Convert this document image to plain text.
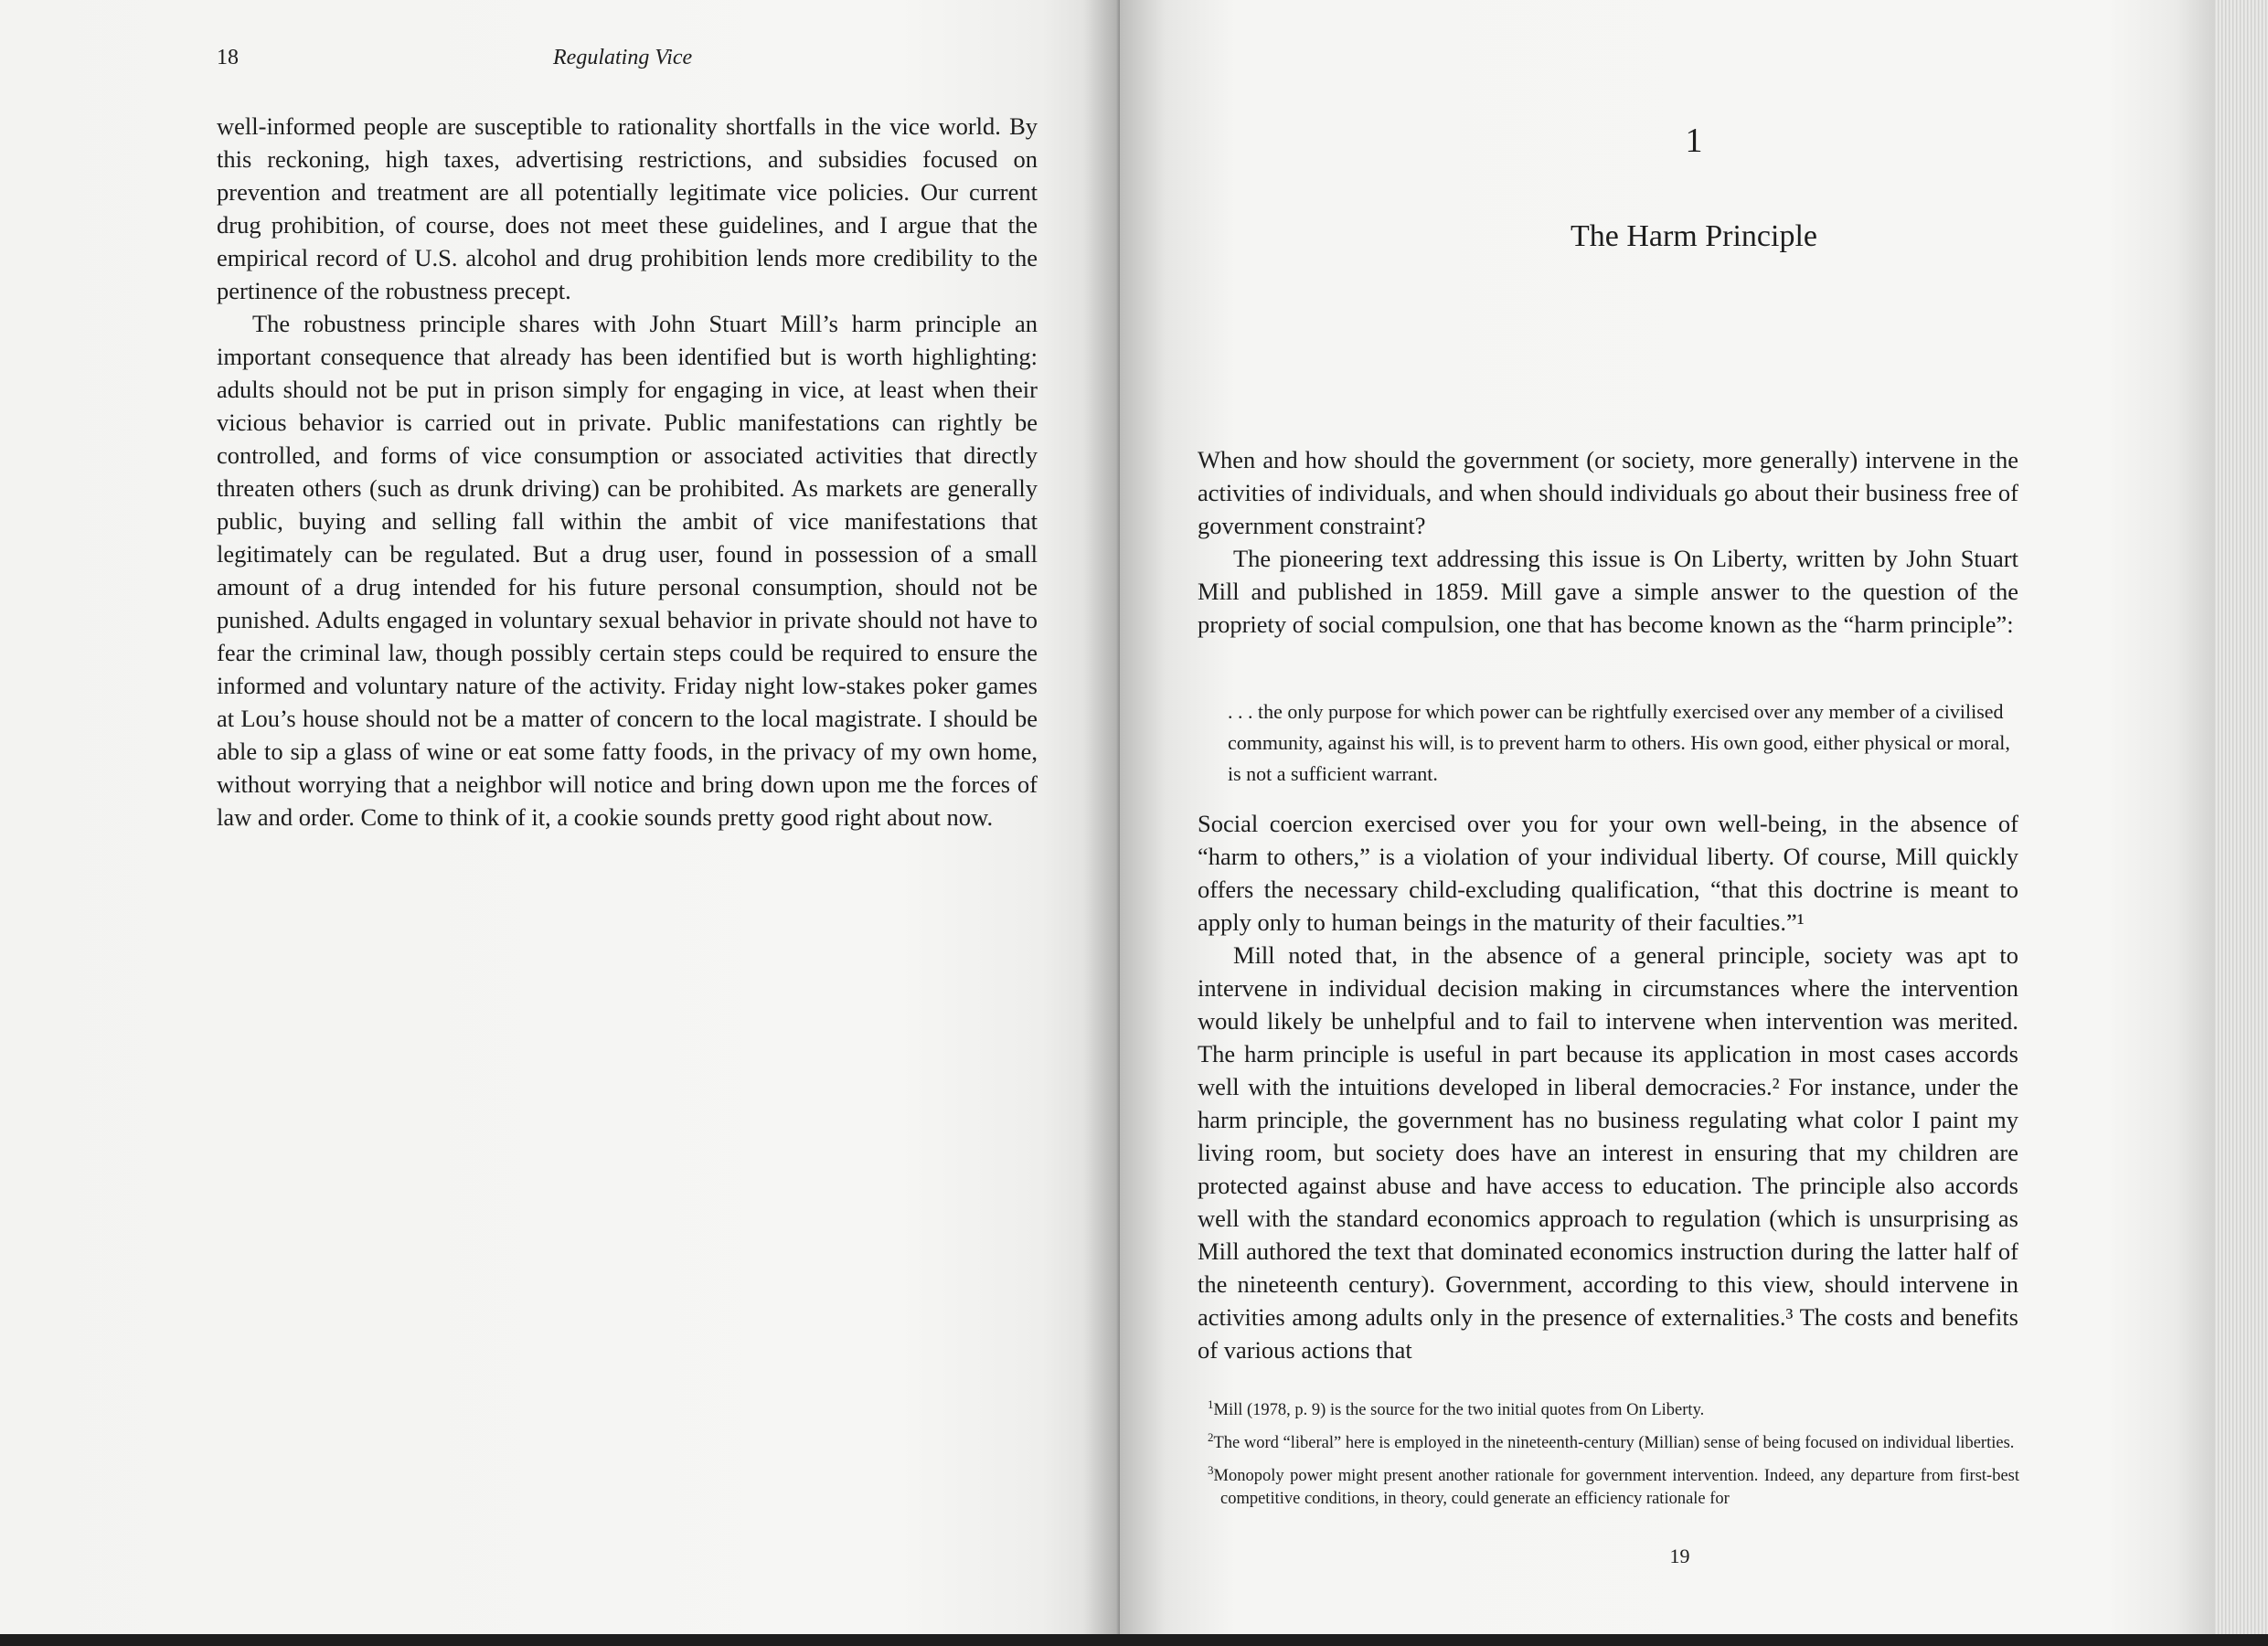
18	Regulating Vice

well-informed people are susceptible to rationality shortfalls in the vice world. By this reckoning, high taxes, advertising restrictions, and subsidies focused on prevention and treatment are all potentially legitimate vice policies. Our current drug prohibition, of course, does not meet these guidelines, and I argue that the empirical record of U.S. alcohol and drug prohibition lends more credibility to the pertinence of the robustness precept.

The robustness principle shares with John Stuart Mill’s harm principle an important consequence that already has been identified but is worth highlighting: adults should not be put in prison simply for engaging in vice, at least when their vicious behavior is carried out in private. Public manifestations can rightly be controlled, and forms of vice consumption or associated activities that directly threaten others (such as drunk driving) can be prohibited. As markets are generally public, buying and selling fall within the ambit of vice manifestations that legitimately can be regulated. But a drug user, found in possession of a small amount of a drug intended for his future personal consumption, should not be punished. Adults engaged in voluntary sexual behavior in private should not have to fear the criminal law, though possibly certain steps could be required to ensure the informed and voluntary nature of the activity. Friday night low-stakes poker games at Lou’s house should not be a matter of concern to the local magistrate. I should be able to sip a glass of wine or eat some fatty foods, in the privacy of my own home, without worrying that a neighbor will notice and bring down upon me the forces of law and order. Come to think of it, a cookie sounds pretty good right about now.

1
The Harm Principle

When and how should the government (or society, more generally) intervene in the activities of individuals, and when should individuals go about their business free of government constraint?

The pioneering text addressing this issue is On Liberty, written by John Stuart Mill and published in 1859. Mill gave a simple answer to the question of the propriety of social compulsion, one that has become known as the “harm principle”:

. . . the only purpose for which power can be rightfully exercised over any member of a civilised community, against his will, is to prevent harm to others. His own good, either physical or moral, is not a sufficient warrant.

Social coercion exercised over you for your own well-being, in the absence of “harm to others,” is a violation of your individual liberty. Of course, Mill quickly offers the necessary child-excluding qualification, “that this doctrine is meant to apply only to human beings in the maturity of their faculties.”¹

Mill noted that, in the absence of a general principle, society was apt to intervene in individual decision making in circumstances where the intervention would likely be unhelpful and to fail to intervene when intervention was merited. The harm principle is useful in part because its application in most cases accords well with the intuitions developed in liberal democracies.² For instance, under the harm principle, the government has no business regulating what color I paint my living room, but society does have an interest in ensuring that my children are protected against abuse and have access to education. The principle also accords well with the standard economics approach to regulation (which is unsurprising as Mill authored the text that dominated economics instruction during the latter half of the nineteenth century). Government, according to this view, should intervene in activities among adults only in the presence of externalities.³ The costs and benefits of various actions that

$^1$Mill (1978, p. 9) is the source for the two initial quotes from On Liberty.

$^2$The word “liberal” here is employed in the nineteenth-century (Millian) sense of being focused on individual liberties.

$^3$Monopoly power might present another rationale for government intervention. Indeed, any departure from first-best competitive conditions, in theory, could generate an efficiency rationale for

19
